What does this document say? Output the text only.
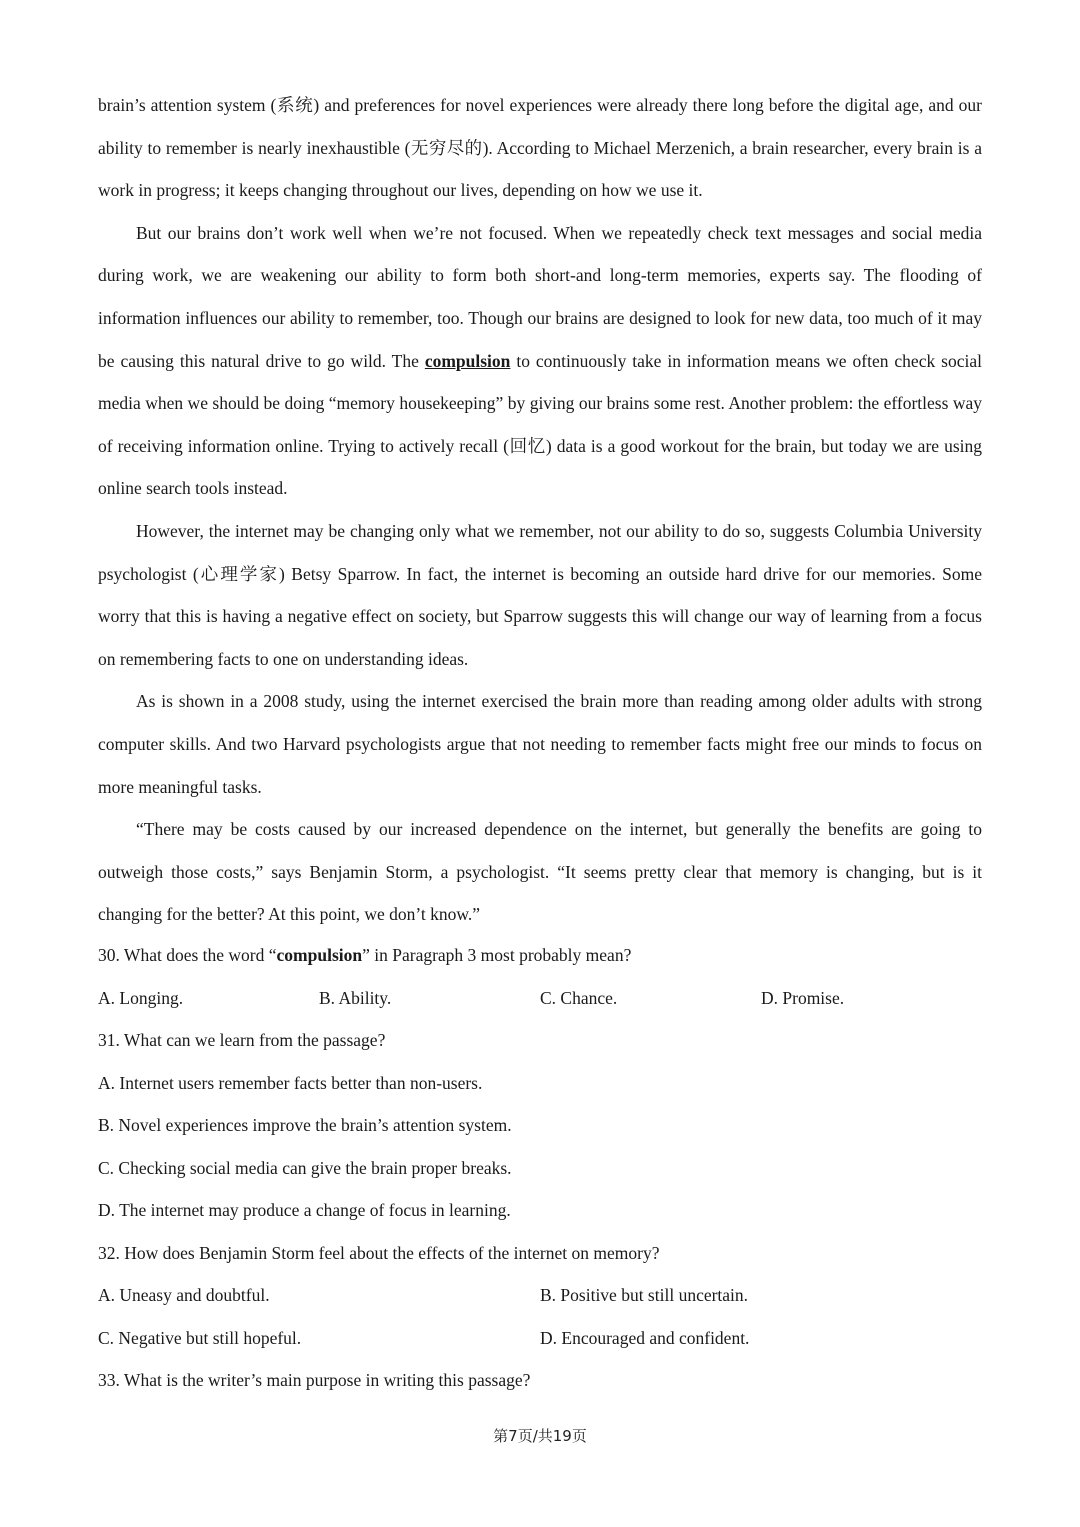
brain’s attention system (系统) and preferences for novel experiences were already there long before the digital age, and our ability to remember is nearly inexhaustible (无穷尽的). According to Michael Merzenich, a brain researcher, every brain is a work in progress; it keeps changing throughout our lives, depending on how we use it.

But our brains don’t work well when we’re not focused. When we repeatedly check text messages and social media during work, we are weakening our ability to form both short-and long-term memories, experts say. The flooding of information influences our ability to remember, too. Though our brains are designed to look for new data, too much of it may be causing this natural drive to go wild. The compulsion to continuously take in information means we often check social media when we should be doing “memory housekeeping” by giving our brains some rest. Another problem: the effortless way of receiving information online. Trying to actively recall (回忆) data is a good workout for the brain, but today we are using online search tools instead.

However, the internet may be changing only what we remember, not our ability to do so, suggests Columbia University psychologist (心理学家) Betsy Sparrow. In fact, the internet is becoming an outside hard drive for our memories. Some worry that this is having a negative effect on society, but Sparrow suggests this will change our way of learning from a focus on remembering facts to one on understanding ideas.

As is shown in a 2008 study, using the internet exercised the brain more than reading among older adults with strong computer skills. And two Harvard psychologists argue that not needing to remember facts might free our minds to focus on more meaningful tasks.

“There may be costs caused by our increased dependence on the internet, but generally the benefits are going to outweigh those costs,” says Benjamin Storm, a psychologist. “It seems pretty clear that memory is changing, but is it changing for the better? At this point, we don’t know.”

30. What does the word “compulsion” in Paragraph 3 most probably mean?
A. Longing.	B. Ability.	C. Chance.	D. Promise.
31. What can we learn from the passage?
A. Internet users remember facts better than non-users.
B. Novel experiences improve the brain’s attention system.
C. Checking social media can give the brain proper breaks.
D. The internet may produce a change of focus in learning.
32. How does Benjamin Storm feel about the effects of the internet on memory?
A. Uneasy and doubtful.	B. Positive but still uncertain.
C. Negative but still hopeful.	D. Encouraged and confident.
33. What is the writer’s main purpose in writing this passage?
第7页/共19页
